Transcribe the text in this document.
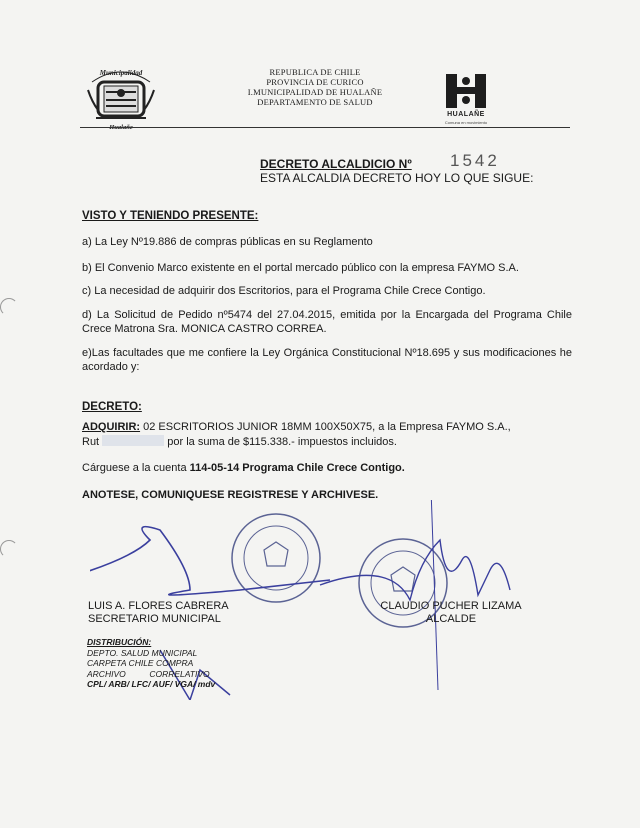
Municipalidad	REPUBLICA DE CHILE
PROVINCIA DE CURICO
I.MUNICIPALIDAD DE HUALAÑE
DEPARTAMENTO DE SALUD
HUALAÑE
Comuna en movimiento
DECRETO ALCALDICIO Nº 1542
ESTA ALCALDIA DECRETO HOY LO QUE SIGUE:
VISTO Y TENIENDO PRESENTE:
a) La Ley Nº19.886 de compras públicas en su Reglamento
b) El Convenio Marco existente en el portal mercado público con la empresa FAYMO S.A.
c) La necesidad de adquirir dos Escritorios, para el Programa Chile Crece Contigo.
d) La Solicitud de Pedido nº5474 del 27.04.2015, emitida por la Encargada del Programa Chile Crece Matrona Sra. MONICA CASTRO CORREA.
e)Las facultades que me confiere la Ley Orgánica Constitucional Nº18.695 y sus modificaciones he acordado y:
DECRETO:
ADQUIRIR: 02 ESCRITORIOS JUNIOR 18MM 100X50X75, a la Empresa FAYMO S.A.,
Rut	por la suma de $115.338.- impuestos incluidos.
Cárguese a la cuenta 114-05-14 Programa Chile Crece Contigo.
ANOTESE, COMUNIQUESE REGISTRESE Y ARCHIVESE.
LUIS A. FLORES CABRERA
SECRETARIO MUNICIPAL
CLAUDIO PUCHER LIZAMA
ALCALDE
DISTRIBUCIÓN:
DEPTO. SALUD MUNICIPAL
CARPETA CHILE COMPRA
ARCHIVO          CORRELATIVO
CPL/ ARB/ LFC/ AUF/ VGA/ mdv
